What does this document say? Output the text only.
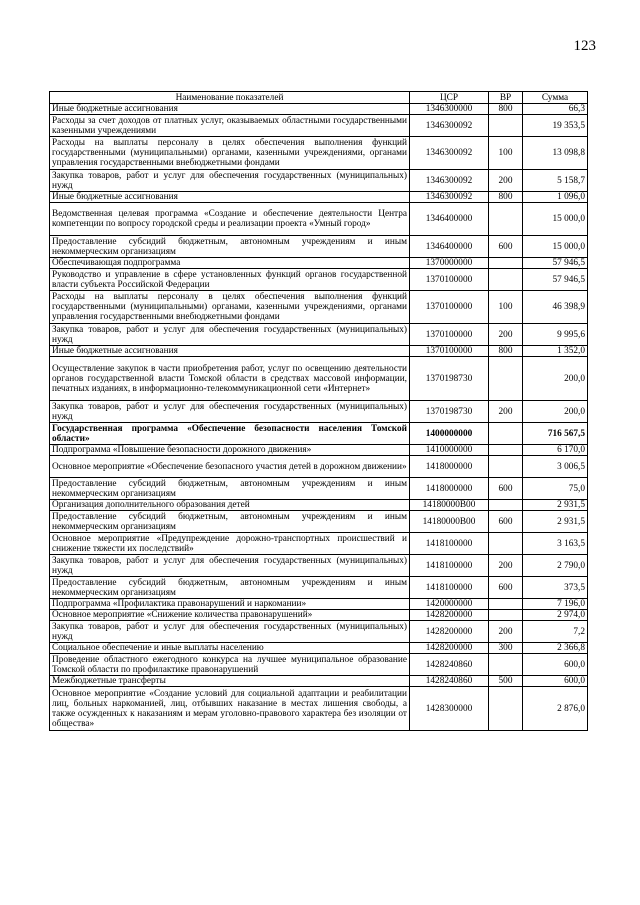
123
Наименование показателей	ЦСР	ВР	Сумма
Иные бюджетные ассигнования	1346300000	800	66,3
Расходы за счет доходов от платных услуг, оказываемых областными государственными казенными учреждениями	1346300092		19 353,5
Расходы на выплаты персоналу в целях обеспечения выполнения функций государственными (муниципальными) органами, казенными учреждениями, органами управления государственными внебюджетными фондами	1346300092	100	13 098,8
Закупка товаров, работ и услуг для обеспечения государственных (муниципальных) нужд	1346300092	200	5 158,7
Иные бюджетные ассигнования	1346300092	800	1 096,0
Ведомственная целевая программа «Создание и обеспечение деятельности Центра компетенции по вопросу городской среды и реализации проекта «Умный город»	1346400000		15 000,0
Предоставление субсидий бюджетным, автономным учреждениям и иным некоммерческим организациям	1346400000	600	15 000,0
Обеспечивающая подпрограмма	1370000000		57 946,5
Руководство и управление в сфере установленных функций органов государственной власти субъекта Российской Федерации	1370100000		57 946,5
Расходы на выплаты персоналу в целях обеспечения выполнения функций государственными (муниципальными) органами, казенными учреждениями, органами управления государственными внебюджетными фондами	1370100000	100	46 398,9
Закупка товаров, работ и услуг для обеспечения государственных (муниципальных) нужд	1370100000	200	9 995,6
Иные бюджетные ассигнования	1370100000	800	1 352,0
Осуществление закупок в части приобретения работ, услуг по освещению деятельности органов государственной власти Томской области в средствах массовой информации, печатных изданиях, в информационно-телекоммуникационной сети «Интернет»	1370198730		200,0
Закупка товаров, работ и услуг для обеспечения государственных (муниципальных) нужд	1370198730	200	200,0
Государственная программа «Обеспечение безопасности населения Томской области»	1400000000		716 567,5
Подпрограмма «Повышение безопасности дорожного движения»	1410000000		6 170,0
Основное мероприятие «Обеспечение безопасного участия детей в дорожном движении»	1418000000		3 006,5
Предоставление субсидий бюджетным, автономным учреждениям и иным некоммерческим организациям	1418000000	600	75,0
Организация дополнительного образования детей	14180000В00		2 931,5
Предоставление субсидий бюджетным, автономным учреждениям и иным некоммерческим организациям	14180000В00	600	2 931,5
Основное мероприятие «Предупреждение дорожно-транспортных происшествий и снижение тяжести их последствий»	1418100000		3 163,5
Закупка товаров, работ и услуг для обеспечения государственных (муниципальных) нужд	1418100000	200	2 790,0
Предоставление субсидий бюджетным, автономным учреждениям и иным некоммерческим организациям	1418100000	600	373,5
Подпрограмма «Профилактика правонарушений и наркомании»	1420000000		7 196,0
Основное мероприятие «Снижение количества правонарушений»	1428200000		2 974,0
Закупка товаров, работ и услуг для обеспечения государственных (муниципальных) нужд	1428200000	200	7,2
Социальное обеспечение и иные выплаты населению	1428200000	300	2 366,8
Проведение областного ежегодного конкурса на лучшее муниципальное образование Томской области по профилактике правонарушений	1428240860		600,0
Межбюджетные трансферты	1428240860	500	600,0
Основное мероприятие «Создание условий для социальной адаптации и реабилитации лиц, больных наркоманией, лиц, отбывших наказание в местах лишения свободы, а также осужденных к наказаниям и мерам уголовно-правового характера без изоляции от общества»	1428300000		2 876,0
